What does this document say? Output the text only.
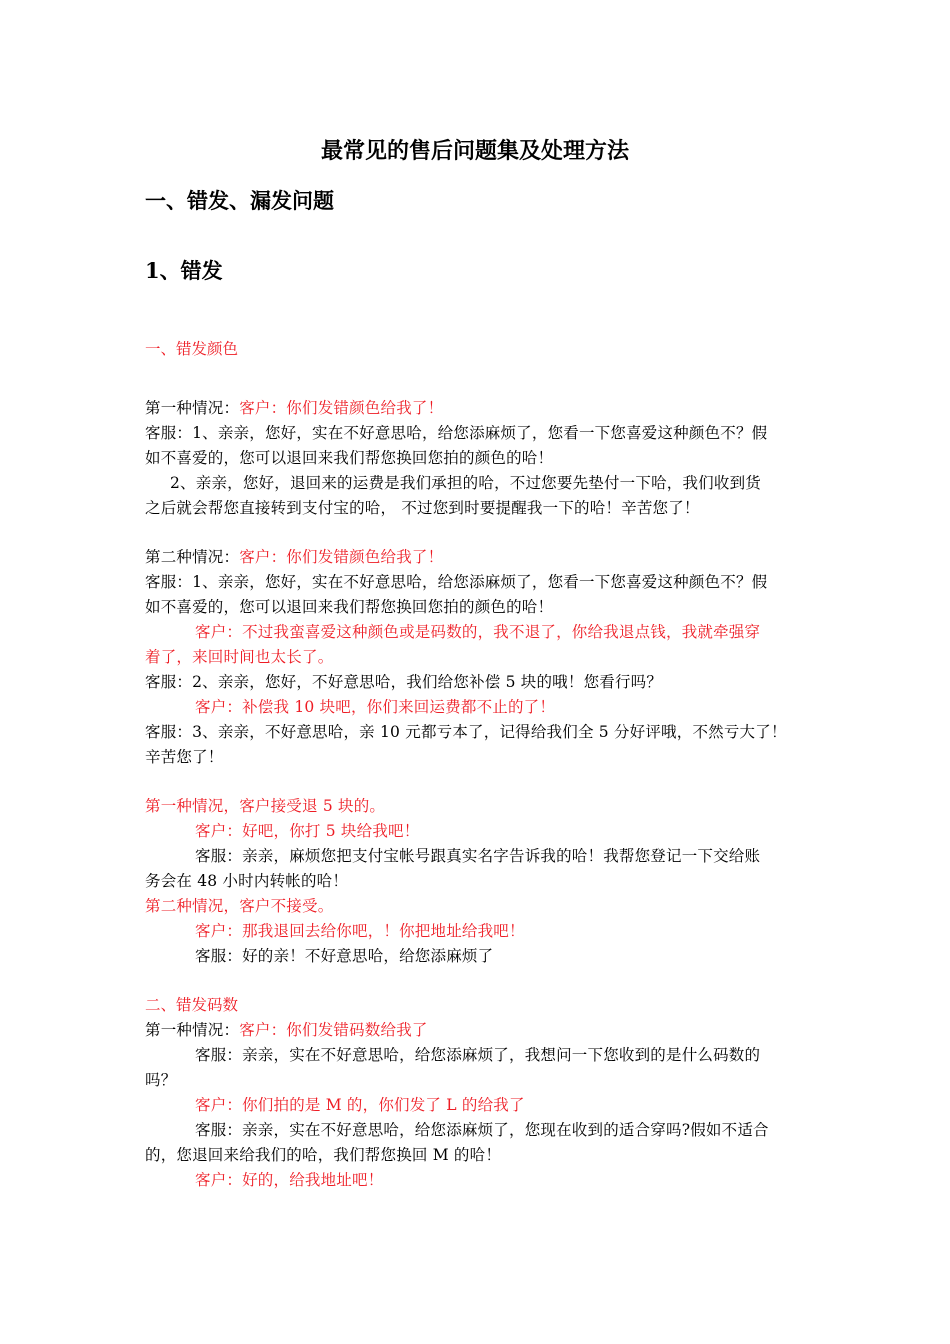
最常见的售后问题集及处理方法
一、错发、漏发问题
1、错发
一、错发颜色
第一种情况：客户：你们发错颜色给我了！
客服：1、亲亲，您好，实在不好意思哈，给您添麻烦了，您看一下您喜爱这种颜色不？假
如不喜爱的，您可以退回来我们帮您换回您拍的颜色的哈！
2、亲亲，您好，退回来的运费是我们承担的哈，不过您要先垫付一下哈，我们收到货
之后就会帮您直接转到支付宝的哈， 不过您到时要提醒我一下的哈！辛苦您了！
第二种情况：客户：你们发错颜色给我了！
客服：1、亲亲，您好，实在不好意思哈，给您添麻烦了，您看一下您喜爱这种颜色不？假
如不喜爱的，您可以退回来我们帮您换回您拍的颜色的哈！
客户：不过我蛮喜爱这种颜色或是码数的，我不退了，你给我退点钱，我就牵强穿
着了，来回时间也太长了。
客服：2、亲亲，您好，不好意思哈，我们给您补偿 5 块的哦！您看行吗？
客户：补偿我 10 块吧，你们来回运费都不止的了！
客服：3、亲亲，不好意思哈，亲 10 元都亏本了，记得给我们全 5 分好评哦，不然亏大了！
辛苦您了！
第一种情况，客户接受退 5 块的。
客户：好吧，你打 5 块给我吧！
客服：亲亲，麻烦您把支付宝帐号跟真实名字告诉我的哈！我帮您登记一下交给账
务会在 48 小时内转帐的哈！
第二种情况，客户不接受。
客户：那我退回去给你吧，！你把地址给我吧！
客服：好的亲！不好意思哈，给您添麻烦了
二、错发码数
第一种情况：客户：你们发错码数给我了
客服：亲亲，实在不好意思哈，给您添麻烦了，我想问一下您收到的是什么码数的
吗？
客户：你们拍的是 M 的，你们发了 L 的给我了
客服：亲亲，实在不好意思哈，给您添麻烦了，您现在收到的适合穿吗?假如不适合
的，您退回来给我们的哈，我们帮您换回 M 的哈！
客户：好的，给我地址吧！
